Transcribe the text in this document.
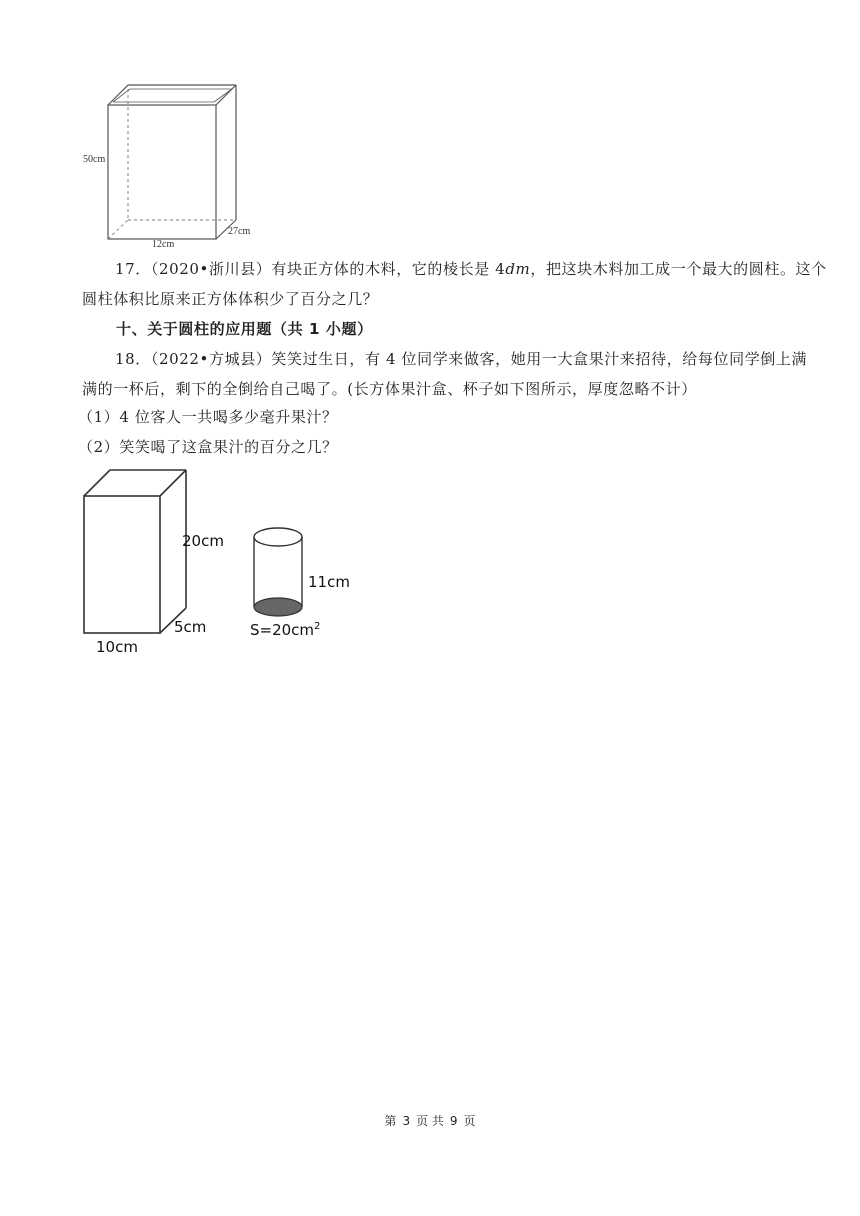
50cm
12cm
27cm
17．（2020•浙川县）有块正方体的木料，它的棱长是 4dm，把这块木料加工成一个最大的圆柱。这个
圆柱体积比原来正方体体积少了百分之几？
十、关于圆柱的应用题（共 1 小题）
18．（2022•方城县）笑笑过生日，有 4 位同学来做客，她用一大盒果汁来招待，给每位同学倒上满
满的一杯后，剩下的全倒给自己喝了。(长方体果汁盒、杯子如下图所示，厚度忽略不计）
（1）4 位客人一共喝多少毫升果汁？
（2）笑笑喝了这盒果汁的百分之几？
20cm
5cm
10cm
11cm
$S=20cm^2$
第 3 页 共 9 页
